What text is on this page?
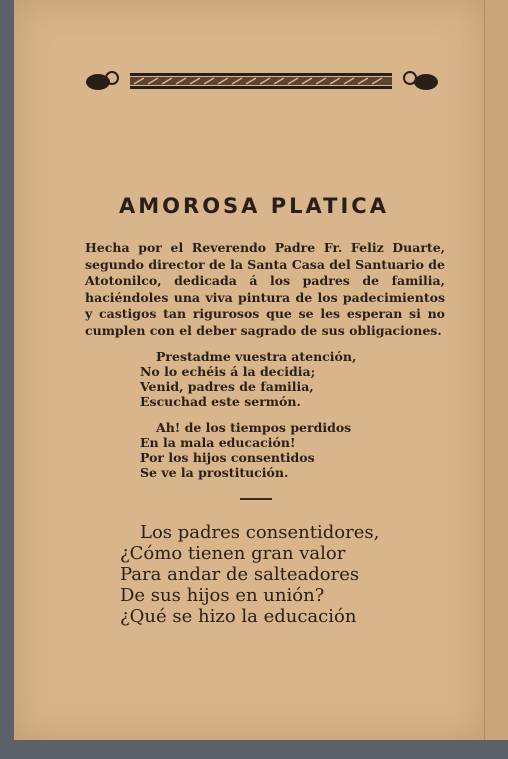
AMOROSA PLATICA
Hecha por el Reverendo Padre Fr. Feliz Duarte, segundo director de la Santa Casa del Santuario de Atotonilco, dedicada á los padres de familia, haciéndoles una viva pintura de los padecimientos y castigos tan rigurosos que se les esperan si no cumplen con el deber sagrado de sus obligaciones.
Prestadme vuestra atención,
No lo echéis á la decidia;
Venid, padres de familia,
Escuchad este sermón.
Ah! de los tiempos perdidos
En la mala educación!
Por los hijos consentidos
Se ve la prostitución.
Los padres consentidores,
¿Cómo tienen gran valor
Para andar de salteadores
De sus hijos en unión?
¿Qué se hizo la educación
